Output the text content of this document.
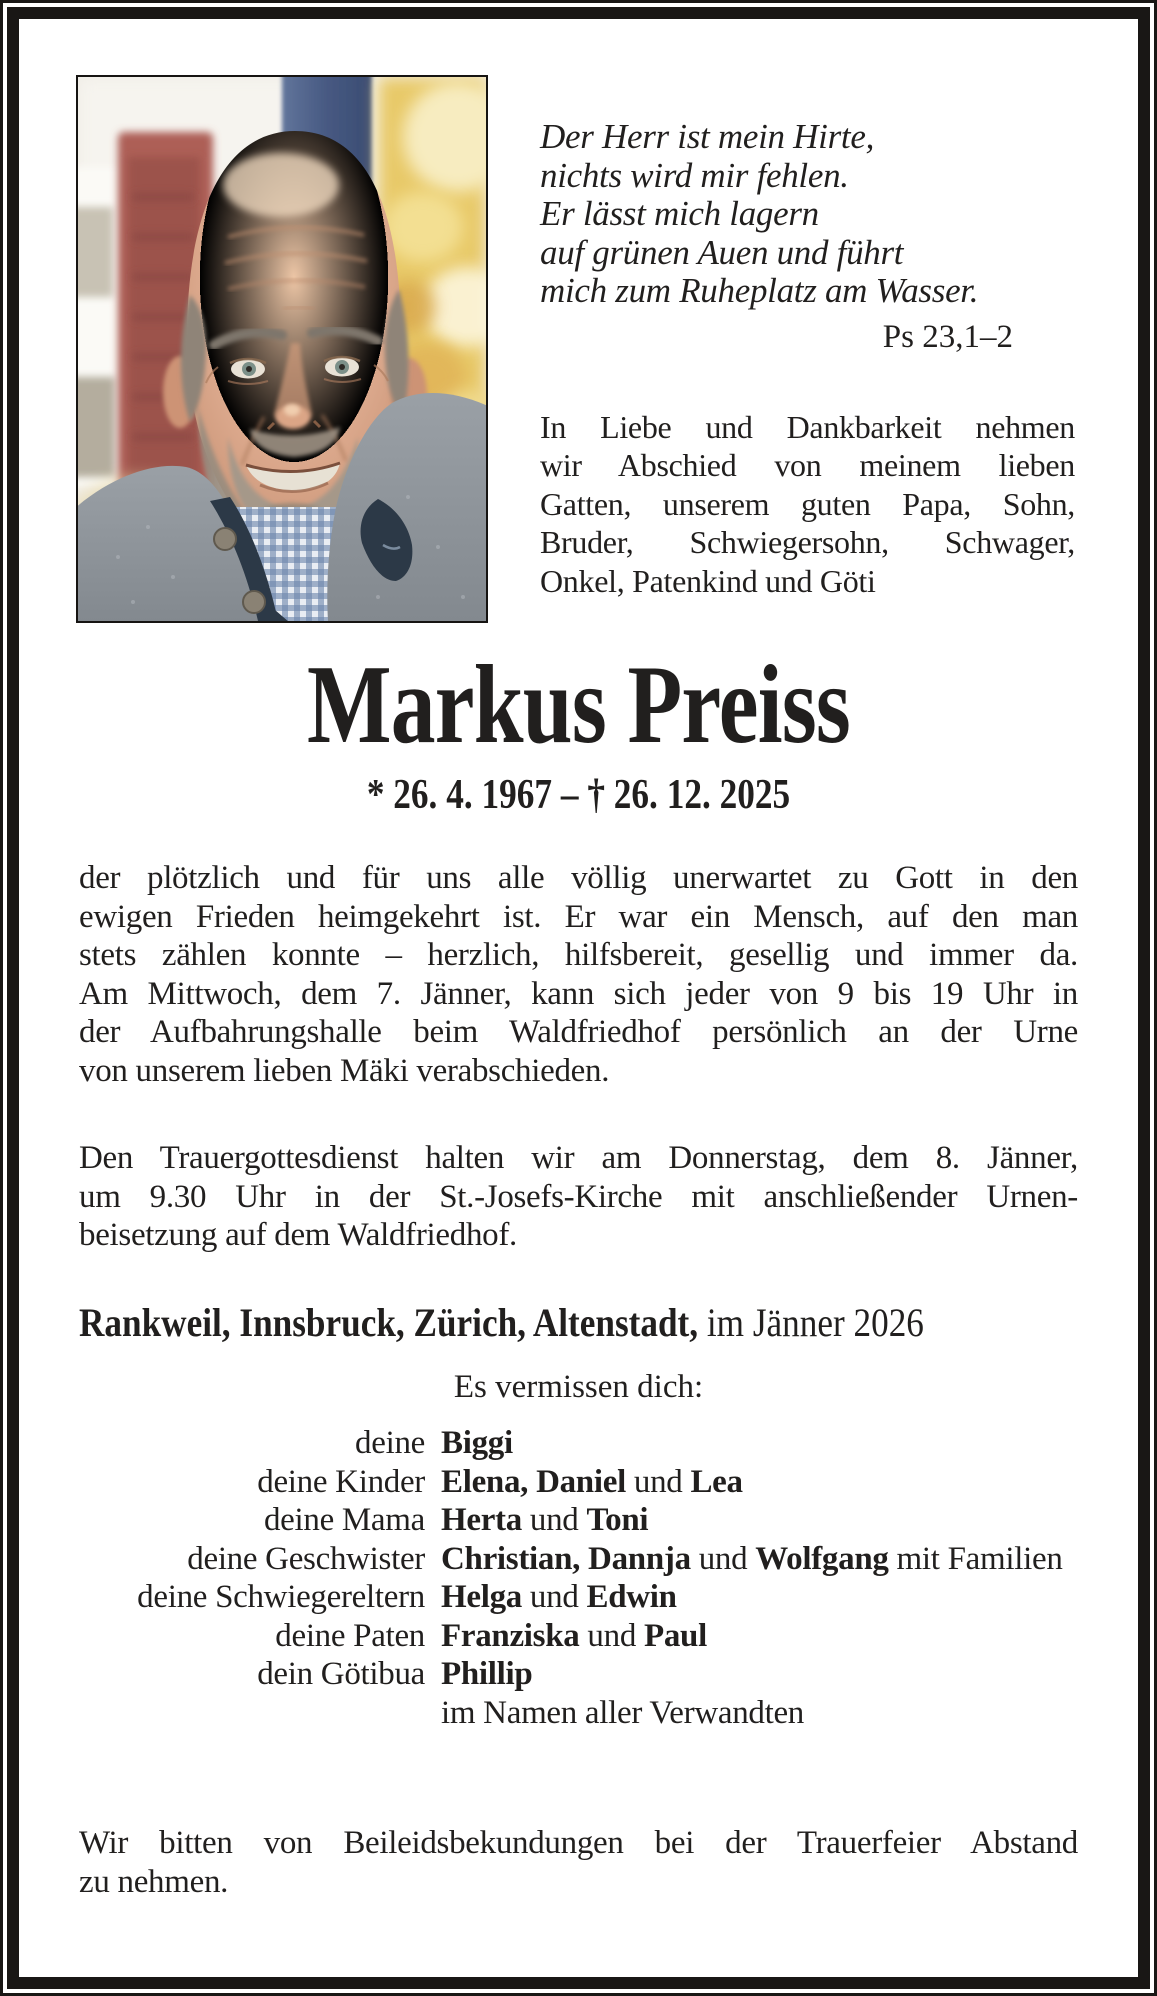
Der Herr ist mein Hirte,
nichts wird mir fehlen.
Er lässt mich lagern
auf grünen Auen und führt
mich zum Ruheplatz am Wasser.
Ps 23,1–2
In Liebe und Dankbarkeit nehmen
wir Abschied von meinem lieben
Gatten, unserem guten Papa, Sohn,
Bruder, Schwiegersohn, Schwager,
Onkel, Patenkind und Göti
Markus Preiss
* 26. 4. 1967 – † 26. 12. 2025
der plötzlich und für uns alle völlig unerwartet zu Gott in den
ewigen Frieden heimgekehrt ist. Er war ein Mensch, auf den man
stets zählen konnte – herzlich, hilfsbereit, gesellig und immer da.
Am Mittwoch, dem 7. Jänner, kann sich jeder von 9 bis 19 Uhr in
der Aufbahrungshalle beim Waldfriedhof persönlich an der Urne
von unserem lieben Mäki verabschieden.
Den Trauergottesdienst halten wir am Donnerstag, dem 8. Jänner,
um 9.30 Uhr in der St.-Josefs-Kirche mit anschließender Urnen-
beisetzung auf dem Waldfriedhof.
Rankweil, Innsbruck, Zürich, Altenstadt, im Jänner 2026
Es vermissen dich:
deine Biggi
deine Kinder Elena, Daniel und Lea
deine Mama Herta und Toni
deine Geschwister Christian, Dannja und Wolfgang mit Familien
deine Schwiegereltern Helga und Edwin
deine Paten Franziska und Paul
dein Götibua Phillip
im Namen aller Verwandten
Wir bitten von Beileidsbekundungen bei der Trauerfeier Abstand
zu nehmen.
